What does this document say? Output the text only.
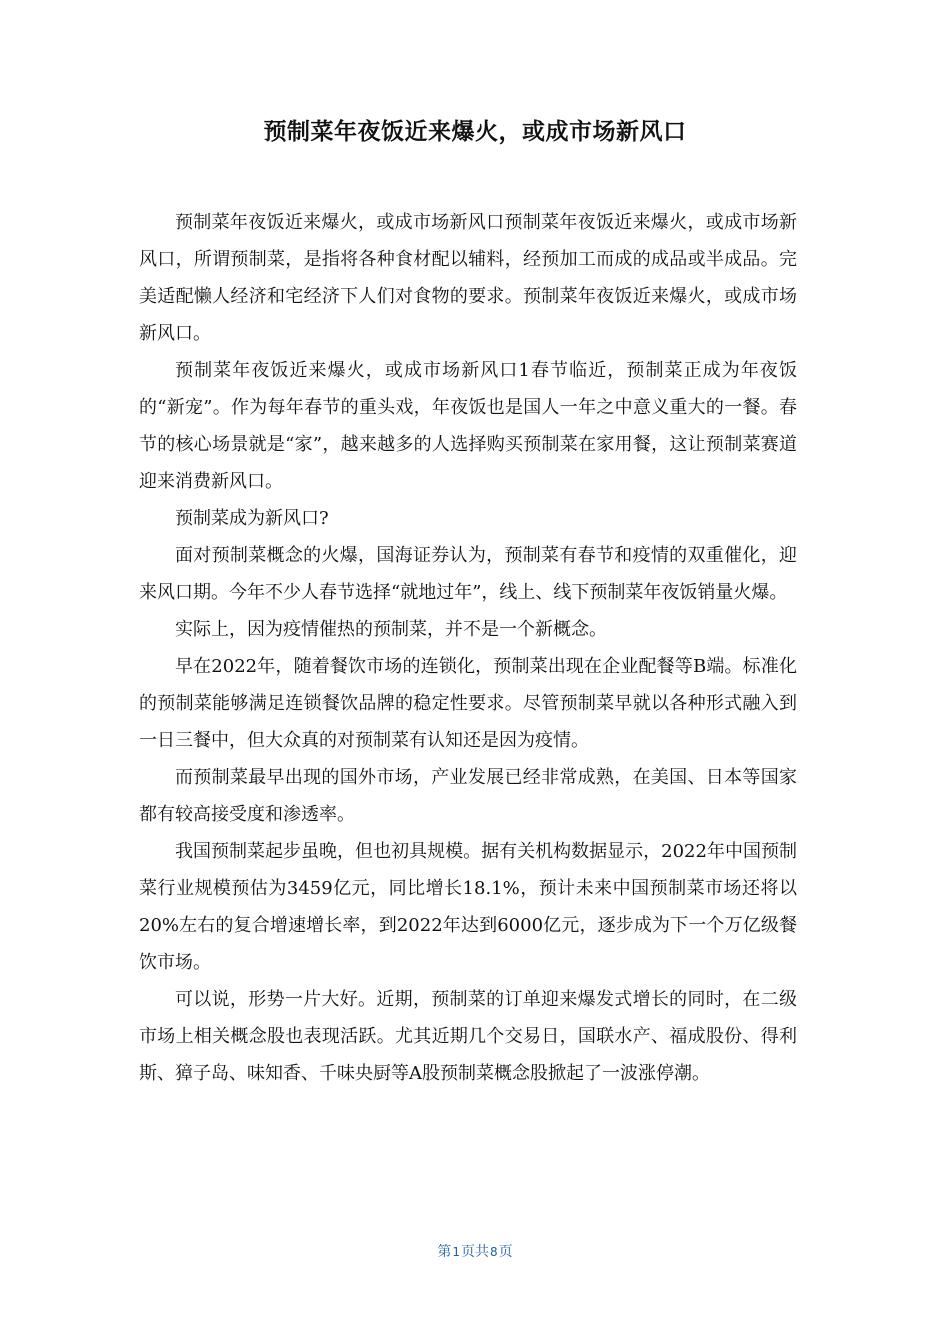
预制菜年夜饭近来爆火，或成市场新风口

预制菜年夜饭近来爆火，或成市场新风口预制菜年夜饭近来爆火，或成市场新风口，所谓预制菜，是指将各种食材配以辅料，经预加工而成的成品或半成品。完美适配懒人经济和宅经济下人们对食物的要求。预制菜年夜饭近来爆火，或成市场新风口。

预制菜年夜饭近来爆火，或成市场新风口1春节临近，预制菜正成为年夜饭的“新宠”。作为每年春节的重头戏，年夜饭也是国人一年之中意义重大的一餐。春节的核心场景就是“家”，越来越多的人选择购买预制菜在家用餐，这让预制菜赛道迎来消费新风口。

预制菜成为新风口?

面对预制菜概念的火爆，国海证券认为，预制菜有春节和疫情的双重催化，迎来风口期。今年不少人春节选择“就地过年”，线上、线下预制菜年夜饭销量火爆。

实际上，因为疫情催热的预制菜，并不是一个新概念。

早在2022年，随着餐饮市场的连锁化，预制菜出现在企业配餐等B端。标准化的预制菜能够满足连锁餐饮品牌的稳定性要求。尽管预制菜早就以各种形式融入到一日三餐中，但大众真的对预制菜有认知还是因为疫情。

而预制菜最早出现的国外市场，产业发展已经非常成熟，在美国、日本等国家都有较高接受度和渗透率。

我国预制菜起步虽晚，但也初具规模。据有关机构数据显示，2022年中国预制菜行业规模预估为3459亿元，同比增长18.1%，预计未来中国预制菜市场还将以20%左右的复合增速增长率，到2022年达到6000亿元，逐步成为下一个万亿级餐饮市场。

可以说，形势一片大好。近期，预制菜的订单迎来爆发式增长的同时，在二级市场上相关概念股也表现活跃。尤其近期几个交易日，国联水产、福成股份、得利斯、獐子岛、味知香、千味央厨等A股预制菜概念股掀起了一波涨停潮。

第1页共8页
